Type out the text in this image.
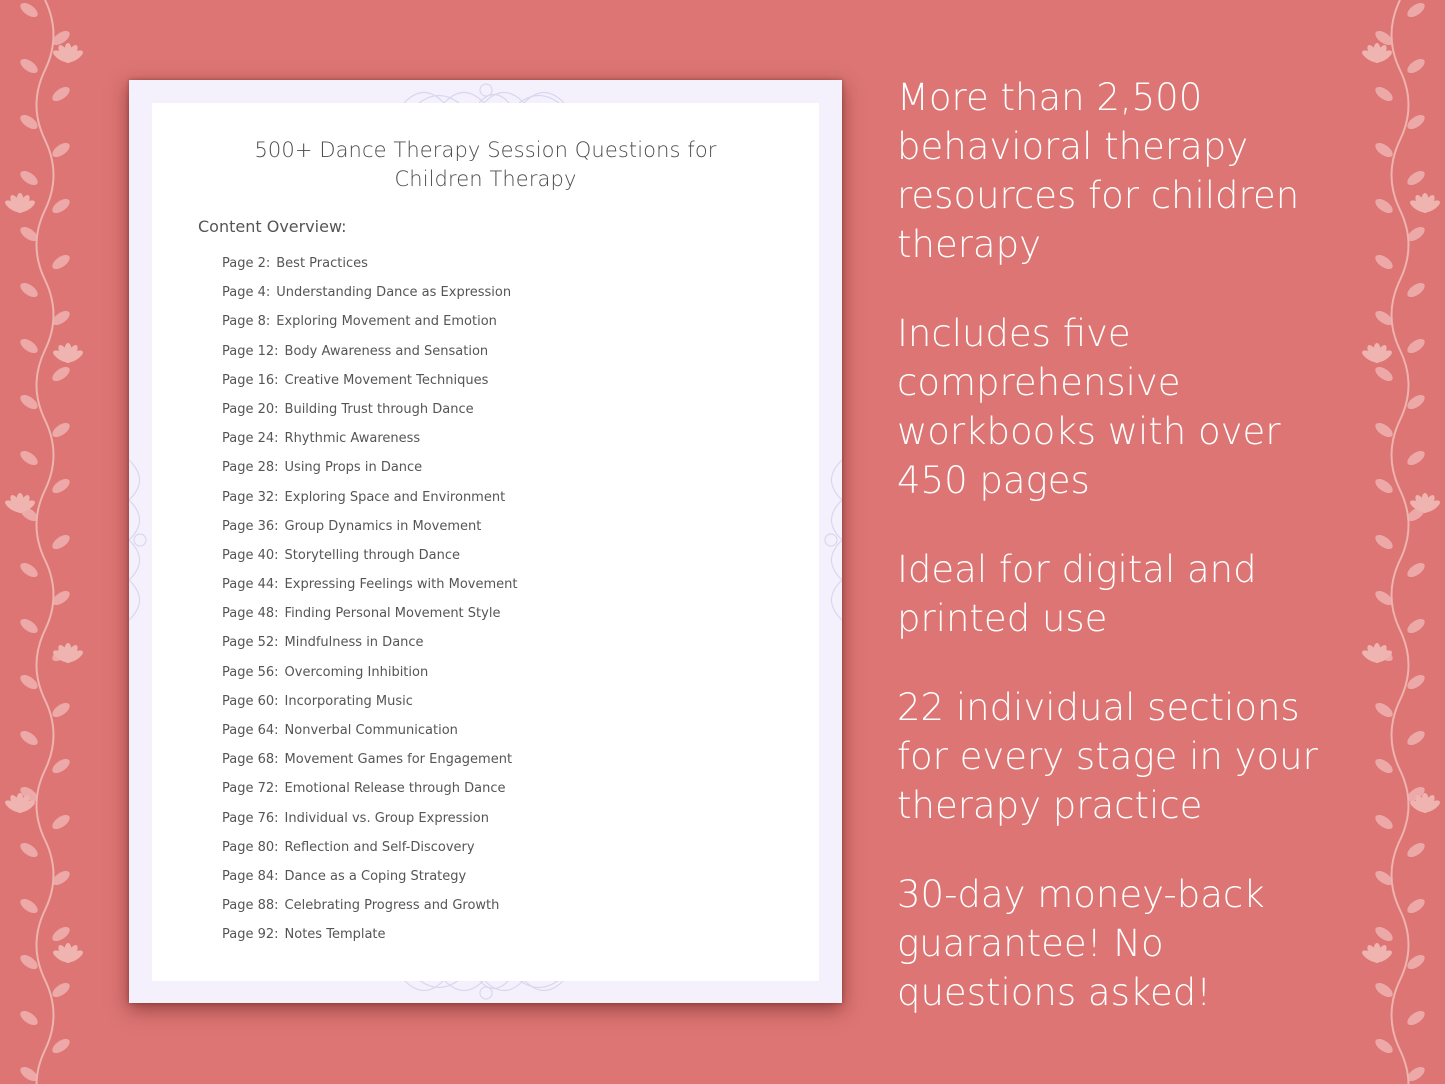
500+ Dance Therapy Session Questions for
Children Therapy
Content Overview:
Page 2: Best Practices
Page 4: Understanding Dance as Expression
Page 8: Exploring Movement and Emotion
Page 12: Body Awareness and Sensation
Page 16: Creative Movement Techniques
Page 20: Building Trust through Dance
Page 24: Rhythmic Awareness
Page 28: Using Props in Dance
Page 32: Exploring Space and Environment
Page 36: Group Dynamics in Movement
Page 40: Storytelling through Dance
Page 44: Expressing Feelings with Movement
Page 48: Finding Personal Movement Style
Page 52: Mindfulness in Dance
Page 56: Overcoming Inhibition
Page 60: Incorporating Music
Page 64: Nonverbal Communication
Page 68: Movement Games for Engagement
Page 72: Emotional Release through Dance
Page 76: Individual vs. Group Expression
Page 80: Reflection and Self-Discovery
Page 84: Dance as a Coping Strategy
Page 88: Celebrating Progress and Growth
Page 92: Notes Template

More than 2,500 behavioral therapy resources for children therapy

Includes five comprehensive workbooks with over 450 pages

Ideal for digital and printed use

22 individual sections for every stage in your therapy practice

30-day money-back guarantee! No questions asked!
